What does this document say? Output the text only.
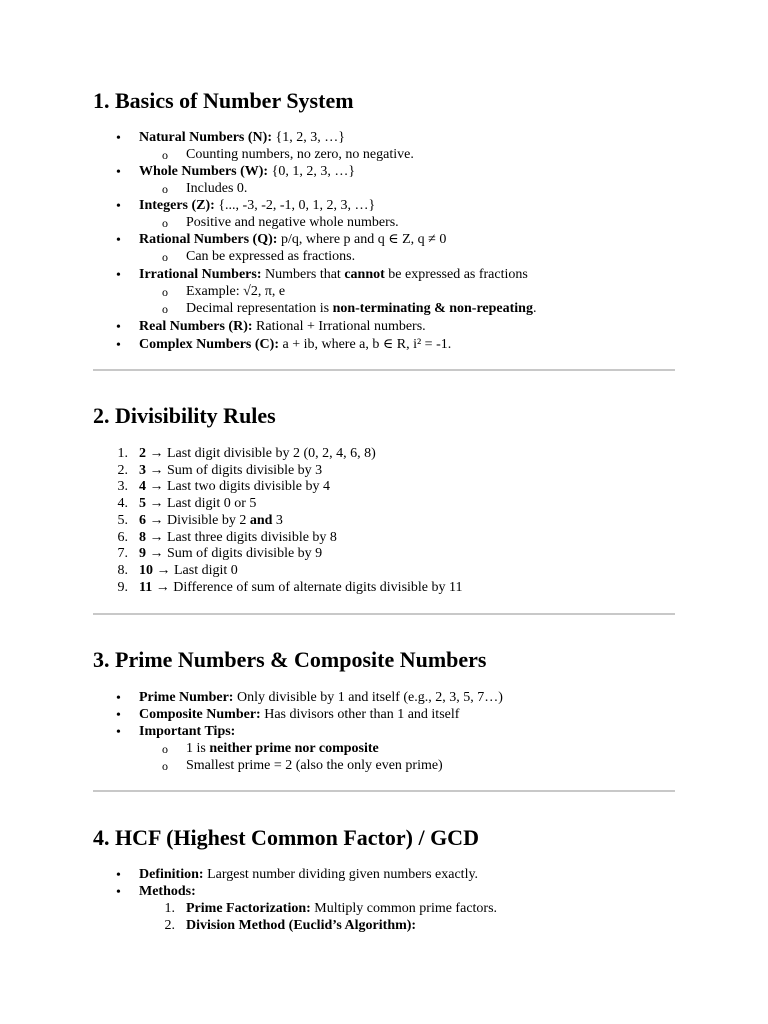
1. Basics of Number System
• Natural Numbers (N): {1, 2, 3, …}
o Counting numbers, no zero, no negative.
• Whole Numbers (W): {0, 1, 2, 3, …}
o Includes 0.
• Integers (Z): {..., -3, -2, -1, 0, 1, 2, 3, …}
o Positive and negative whole numbers.
• Rational Numbers (Q): p/q, where p and q ∈ Z, q ≠ 0
o Can be expressed as fractions.
• Irrational Numbers: Numbers that cannot be expressed as fractions
o Example: √2, π, e
o Decimal representation is non-terminating & non-repeating.
• Real Numbers (R): Rational + Irrational numbers.
• Complex Numbers (C): a + ib, where a, b ∈ R, i² = -1.
2. Divisibility Rules
1. 2 → Last digit divisible by 2 (0, 2, 4, 6, 8)
2. 3 → Sum of digits divisible by 3
3. 4 → Last two digits divisible by 4
4. 5 → Last digit 0 or 5
5. 6 → Divisible by 2 and 3
6. 8 → Last three digits divisible by 8
7. 9 → Sum of digits divisible by 9
8. 10 → Last digit 0
9. 11 → Difference of sum of alternate digits divisible by 11
3. Prime Numbers & Composite Numbers
• Prime Number: Only divisible by 1 and itself (e.g., 2, 3, 5, 7…)
• Composite Number: Has divisors other than 1 and itself
• Important Tips:
o 1 is neither prime nor composite
o Smallest prime = 2 (also the only even prime)
4. HCF (Highest Common Factor) / GCD
• Definition: Largest number dividing given numbers exactly.
• Methods:
1. Prime Factorization: Multiply common prime factors.
2. Division Method (Euclid’s Algorithm):
